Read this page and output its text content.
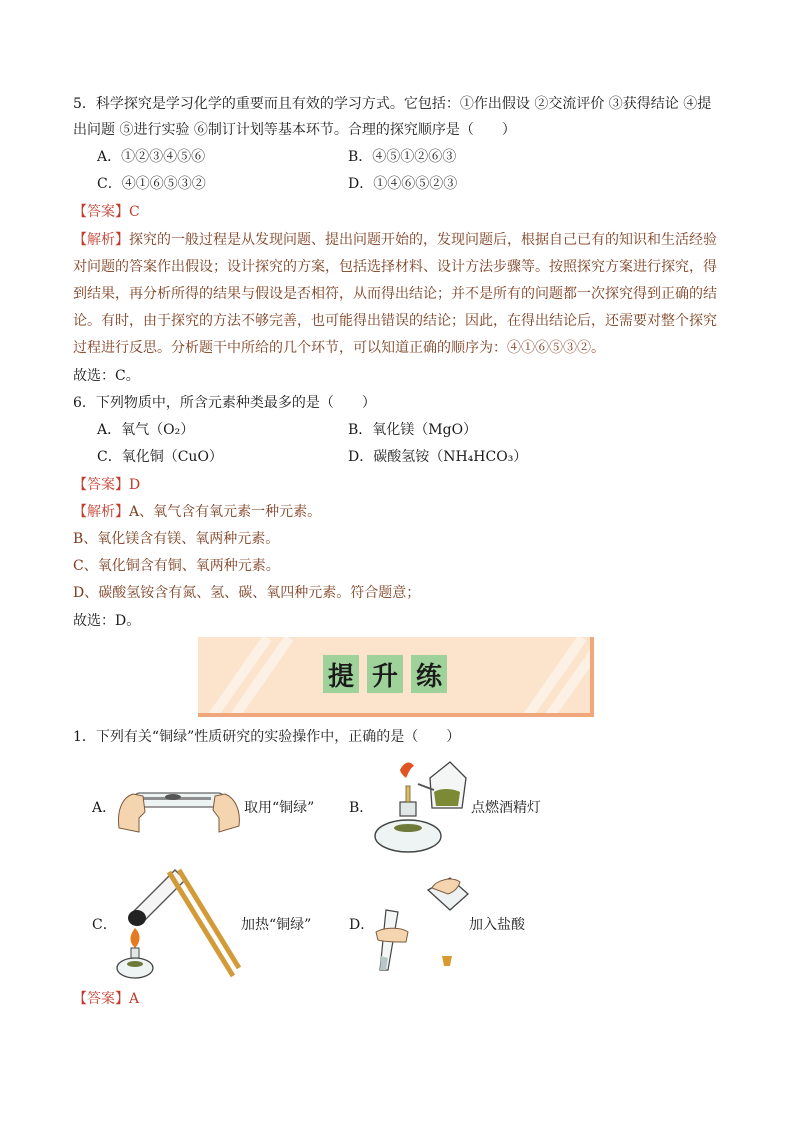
5．科学探究是学习化学的重要而且有效的学习方式。它包括：①作出假设 ②交流评价 ③获得结论 ④提
出问题 ⑤进行实验 ⑥制订计划等基本环节。合理的探究顺序是（　　）
A．①②③④⑤⑥	B．④⑤①②⑥③
C．④①⑥⑤③②	D．①④⑥⑤②③
【答案】C
【解析】探究的一般过程是从发现问题、提出问题开始的，发现问题后，根据自己已有的知识和生活经验
对问题的答案作出假设；设计探究的方案，包括选择材料、设计方法步骤等。按照探究方案进行探究，得
到结果，再分析所得的结果与假设是否相符，从而得出结论；并不是所有的问题都一次探究得到正确的结
论。有时，由于探究的方法不够完善，也可能得出错误的结论；因此，在得出结论后，还需要对整个探究
过程进行反思。分析题干中所给的几个环节，可以知道正确的顺序为：④①⑥⑤③②。
故选：C。
6．下列物质中，所含元素种类最多的是（　　）
A．氧气（O₂）	B．氧化镁（MgO）
C．氧化铜（CuO）	D．碳酸氢铵（NH₄HCO₃）
【答案】D
【解析】A、氧气含有氧元素一种元素。
B、氧化镁含有镁、氧两种元素。
C、氧化铜含有铜、氧两种元素。
D、碳酸氢铵含有氮、氢、碳、氧四种元素。符合题意；
故选：D。
提 升 练
1．下列有关“铜绿”性质研究的实验操作中，正确的是（　　）
A．	取用“铜绿” B．	点燃酒精灯
C．	加热“铜绿”	D．	加入盐酸
【答案】A
